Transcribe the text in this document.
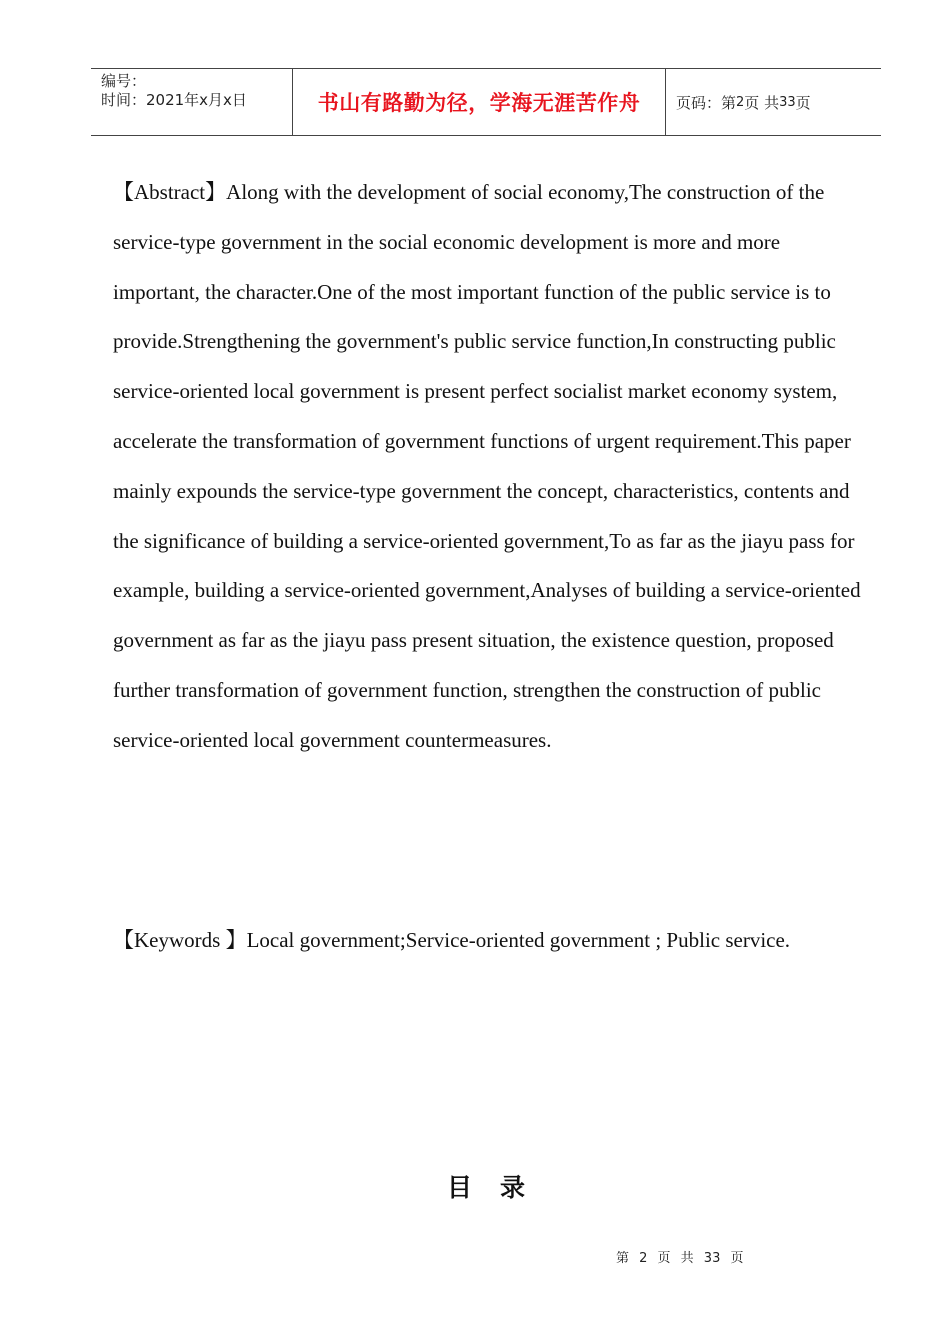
编号：
时间：2021年x月x日	书山有路勤为径，学海无涯苦作舟	页码：第 2 页 共 33 页

【Abstract】Along with the development of social economy,The construction of the service-type government in the social economic development is more and more important, the character.One of the most important function of the public service is to provide.Strengthening the government's public service function,In constructing public service-oriented local government is present perfect socialist market economy system, accelerate the transformation of government functions of urgent requirement.This paper mainly expounds the service-type government the concept, characteristics, contents and the significance of building a service-oriented government,To as far as the jiayu pass for example, building a service-oriented government,Analyses of building a service-oriented government as far as the jiayu pass present situation, the existence question, proposed further transformation of government function, strengthen the construction of public service-oriented local government countermeasures.

【Keywords 】Local government;Service-oriented government ; Public service.

目录
第 2 页 共 33 页
